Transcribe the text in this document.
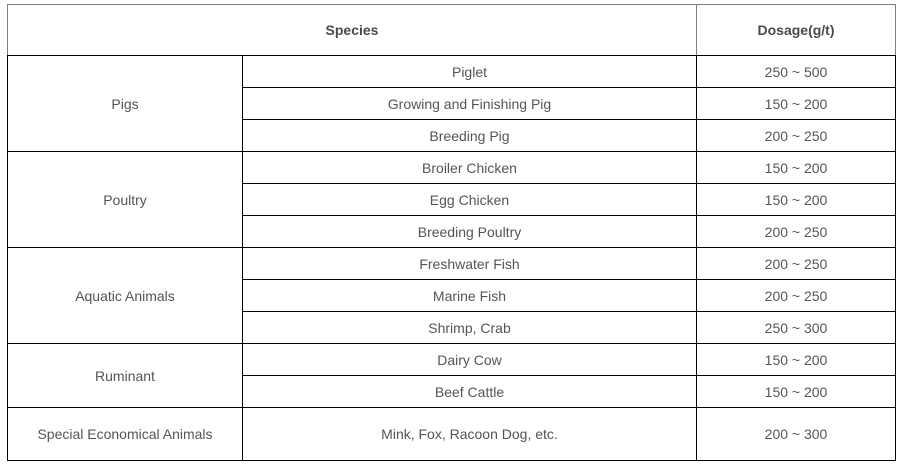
Species		Dosage(g/t)
Pigs	Piglet	250 ~ 500
	Growing and Finishing Pig	150 ~ 200
	Breeding Pig	200 ~ 250
Poultry	Broiler Chicken	150 ~ 200
	Egg Chicken	150 ~ 200
	Breeding Poultry	200 ~ 250
Aquatic Animals	Freshwater Fish	200 ~ 250
	Marine Fish	200 ~ 250
	Shrimp, Crab	250 ~ 300
Ruminant	Dairy Cow	150 ~ 200
	Beef Cattle	150 ~ 200
Special Economical Animals	Mink, Fox, Racoon Dog, etc.	200 ~ 300
